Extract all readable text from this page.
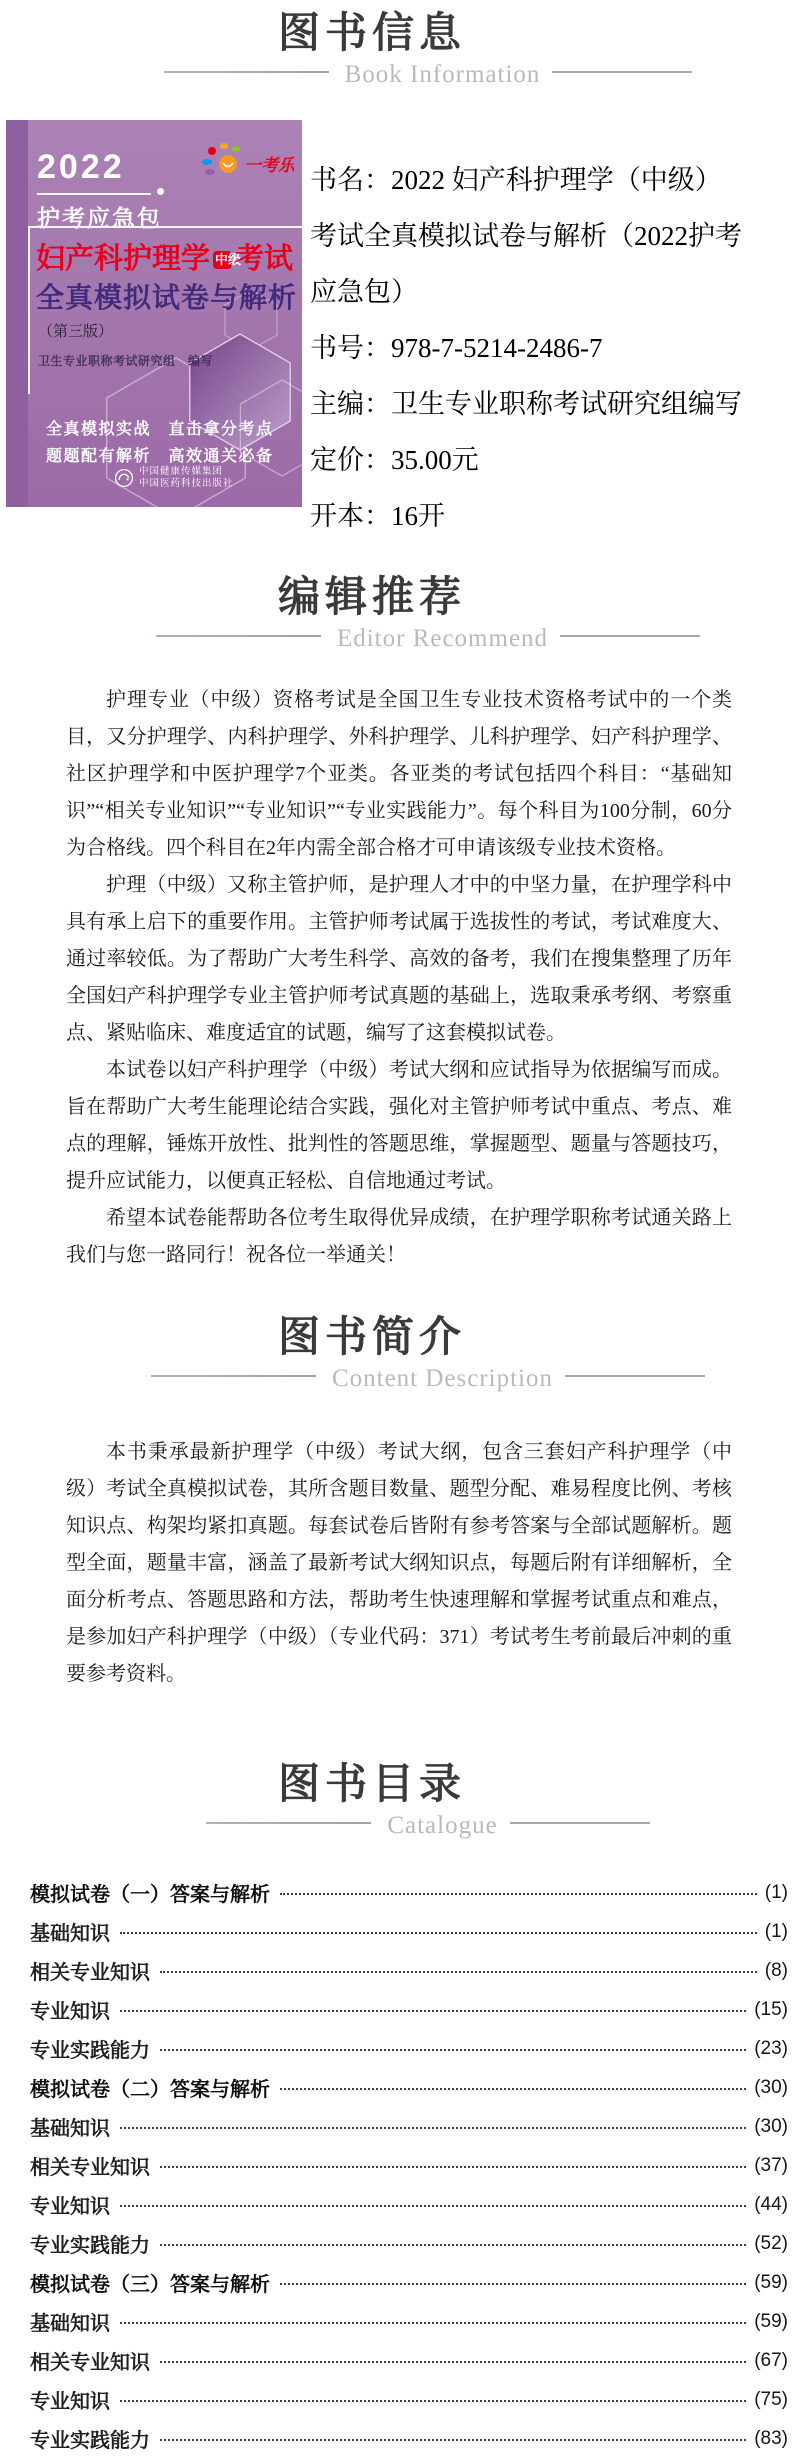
图书信息
Book Information
2022
护考应急包
一考乐
妇产科护理学 中级考试
全真模拟试卷与解析
（第三版）
卫生专业职称考试研究组　编写
全真模拟实战　直击拿分考点
题题配有解析　高效通关必备
中国健康传媒集团
中国医药科技出版社

书名：2022 妇产科护理学（中级）考试全真模拟试卷与解析（2022护考应急包）

书号：978-7-5214-2486-7

主编：卫生专业职称考试研究组编写

定价：35.00元

开本：16开

编辑推荐
Editor Recommend

护理专业（中级）资格考试是全国卫生专业技术资格考试中的一个类目，又分护理学、内科护理学、外科护理学、儿科护理学、妇产科护理学、社区护理学和中医护理学7个亚类。各亚类的考试包括四个科目：“基础知识”“相关专业知识”“专业知识”“专业实践能力”。每个科目为100分制，60分为合格线。四个科目在2年内需全部合格才可申请该级专业技术资格。

护理（中级）又称主管护师，是护理人才中的中坚力量，在护理学科中具有承上启下的重要作用。主管护师考试属于选拔性的考试，考试难度大、通过率较低。为了帮助广大考生科学、高效的备考，我们在搜集整理了历年全国妇产科护理学专业主管护师考试真题的基础上，选取秉承考纲、考察重点、紧贴临床、难度适宜的试题，编写了这套模拟试卷。

本试卷以妇产科护理学（中级）考试大纲和应试指导为依据编写而成。旨在帮助广大考生能理论结合实践，强化对主管护师考试中重点、考点、难点的理解，锤炼开放性、批判性的答题思维，掌握题型、题量与答题技巧，提升应试能力，以便真正轻松、自信地通过考试。

希望本试卷能帮助各位考生取得优异成绩，在护理学职称考试通关路上我们与您一路同行！祝各位一举通关！

图书简介
Content Description

本书秉承最新护理学（中级）考试大纲，包含三套妇产科护理学（中级）考试全真模拟试卷，其所含题目数量、题型分配、难易程度比例、考核知识点、构架均紧扣真题。每套试卷后皆附有参考答案与全部试题解析。题型全面，题量丰富，涵盖了最新考试大纲知识点，每题后附有详细解析，全面分析考点、答题思路和方法，帮助考生快速理解和掌握考试重点和难点，是参加妇产科护理学（中级）（专业代码：371）考试考生考前最后冲刺的重要参考资料。

图书目录
Catalogue
模拟试卷（一）答案与解析	(1)
基础知识	(1)
相关专业知识	(8)
专业知识	(15)
专业实践能力	(23)
模拟试卷（二）答案与解析	(30)
基础知识	(30)
相关专业知识	(37)
专业知识	(44)
专业实践能力	(52)
模拟试卷（三）答案与解析	(59)
基础知识	(59)
相关专业知识	(67)
专业知识	(75)
专业实践能力	(83)
